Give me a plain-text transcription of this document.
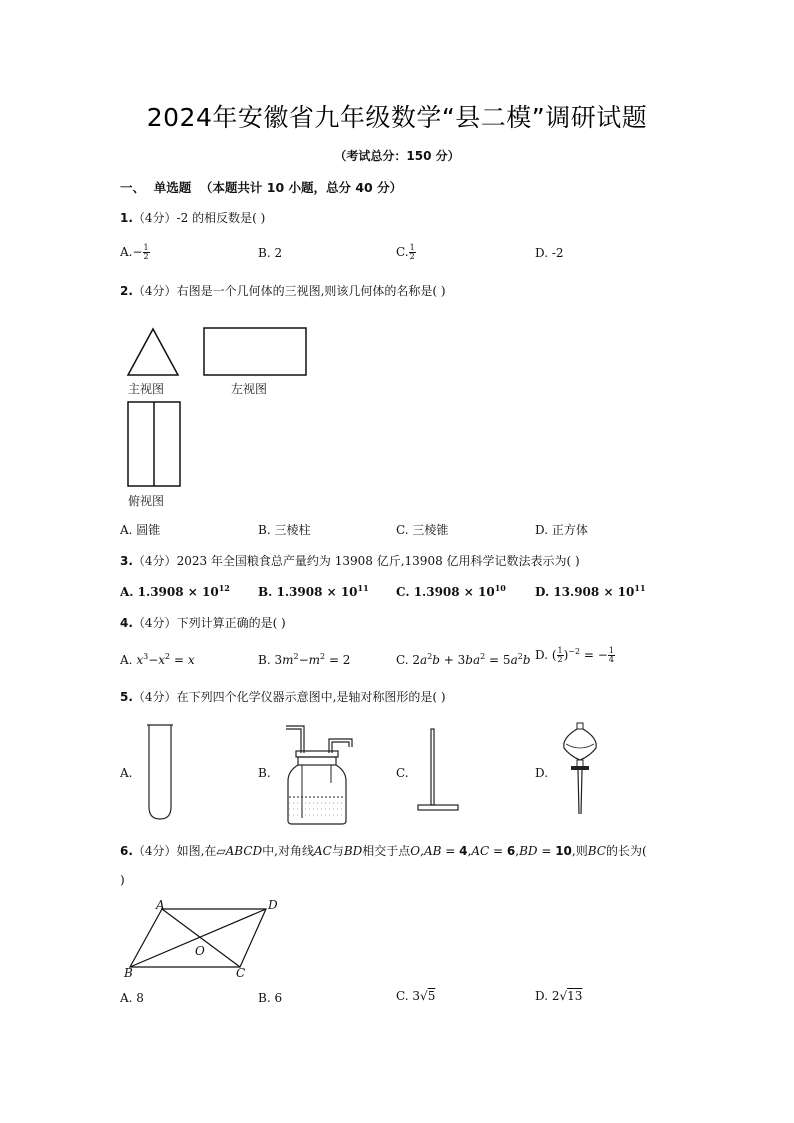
2024年安徽省九年级数学“县二模”调研试题
（考试总分：150 分）
一、  单选题  （本题共计 10 小题，总分 40 分）
1.（4分）-2 的相反数是( )
$A.- \frac{1}{2}$	B. 2	C. $\frac{1}{2}$	D. -2
2.（4分）右图是一个几何体的三视图,则该几何体的名称是( )
主视图	左视图
俯视图
A. 圆锥	B. 三棱柱	C. 三棱锥	D. 正方体
3.（4分）2023 年全国粮食总产量约为 13908 亿斤,13908 亿用科学记数法表示为( )
A. $1.3908 \times 10^{12}$ B. $1.3908 \times 10^{11}$ C. $1.3908 \times 10^{10}$ D. $13.908 \times 10^{11}$
4.（4分）下列计算正确的是( )
A. $x^3-x^2 = x$	B. $3m^2-m^2 = 2$	C. $2a^2b + 3ba^2 = 5a^2b$ D. ( $\frac{1}{2} )^{-2}$ = − $\frac{1}{4}$
5.（4分）在下列四个化学仪器示意图中,是轴对称图形的是( )
A.	B.	C.	D.
6.（4分）如图,在▱ABCD中,对角线AC与BD相交于点O,AB = 4,AC = 6,BD = 10,则BC的长为(
)
A	D
B	C
O
A. 8	B. 6	C. 3√5	D. 2√13
